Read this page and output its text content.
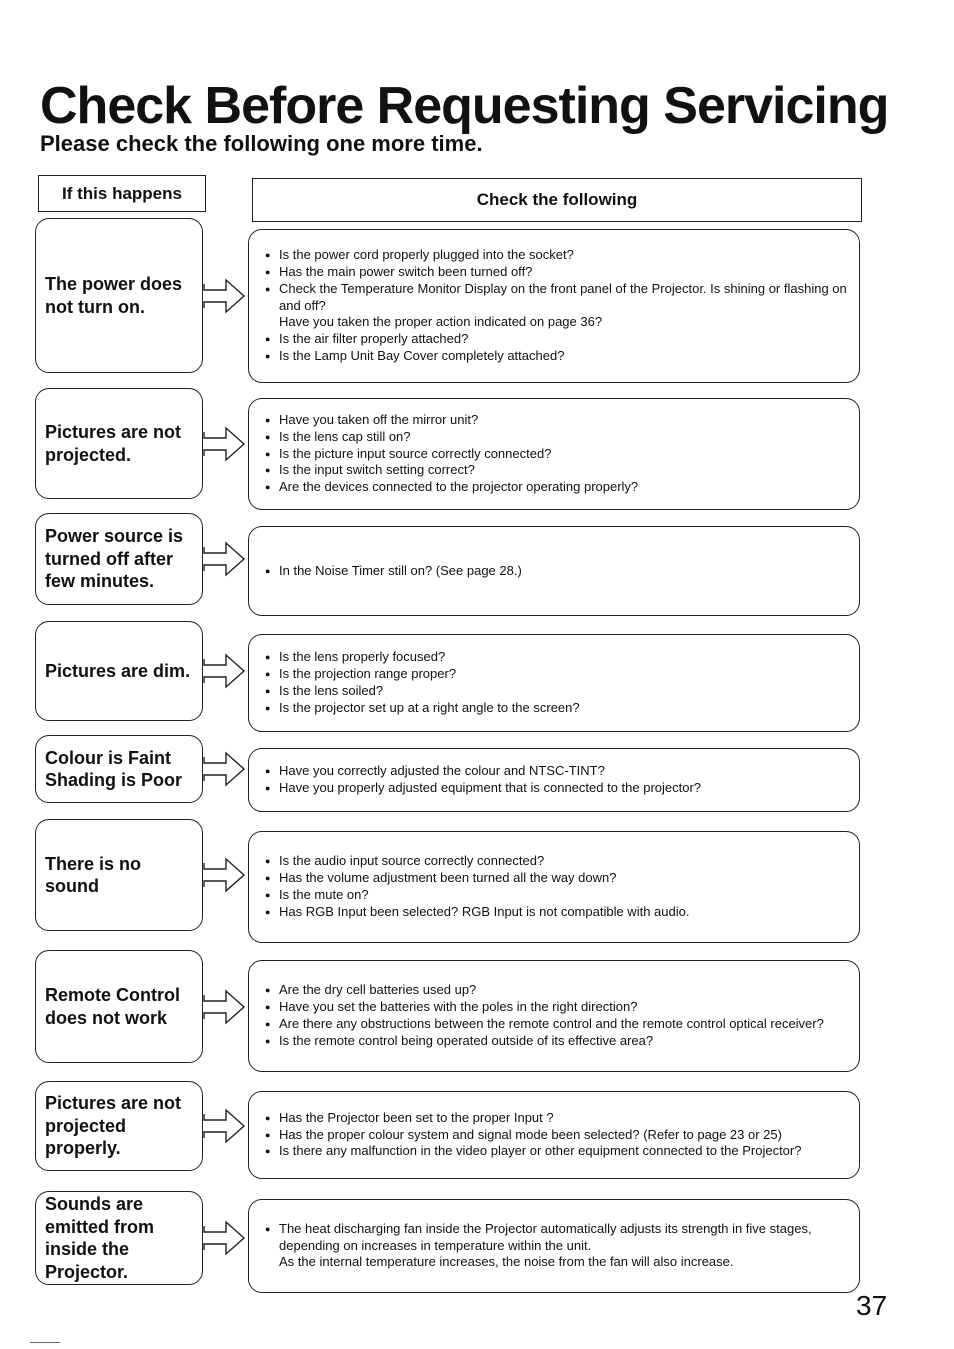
Check Before Requesting Servicing
Please check the following one more time.
If this happens	Check the following
The power does not turn on.
● Is the power cord properly plugged into the socket?
● Has the main power switch been turned off?
● Check the Temperature Monitor Display on the front panel of the Projector. Is shining or flashing on and off?
Have you taken the proper action indicated on page 36?
● Is the air filter properly attached?
● Is the Lamp Unit Bay Cover completely attached?
Pictures are not projected.
● Have you taken off the mirror unit?
● Is the lens cap still on?
● Is the picture input source correctly connected?
● Is the input switch setting correct?
● Are the devices connected to the projector operating properly?
Power source is turned off after few minutes.
● In the Noise Timer still on? (See page 28.)
Pictures are dim.
● Is the lens properly focused?
● Is the projection range proper?
● Is the lens soiled?
● Is the projector set up at a right angle to the screen?
Colour is Faint Shading is Poor
●	Have you correctly adjusted the colour and NTSC-TINT?
● Have you properly adjusted equipment that is connected to the projector?
There is no sound
● Is the audio input source correctly connected?
● Has the volume adjustment been turned all the way down?
● Is the mute on?
● Has RGB Input been selected? RGB Input is not compatible with audio.
Remote Control does not work
● Are the dry cell batteries used up?
● Have you set the batteries with the poles in the right direction?
● Are there any obstructions between the remote control and the remote control optical receiver?
● Is the remote control being operated outside of its effective area?
Pictures are not projected properly.
● Has the Projector been set to the proper Input ?
● Has the proper colour system and signal mode been selected? (Refer to page 23 or 25)
● Is there any malfunction in the video player or other equipment connected to the Projector?
Sounds are emitted from inside the Projector.
● The heat discharging fan inside the Projector automatically adjusts its strength in five stages, depending on increases in temperature within the unit.
As the internal temperature increases, the noise from the fan will also increase.
37
